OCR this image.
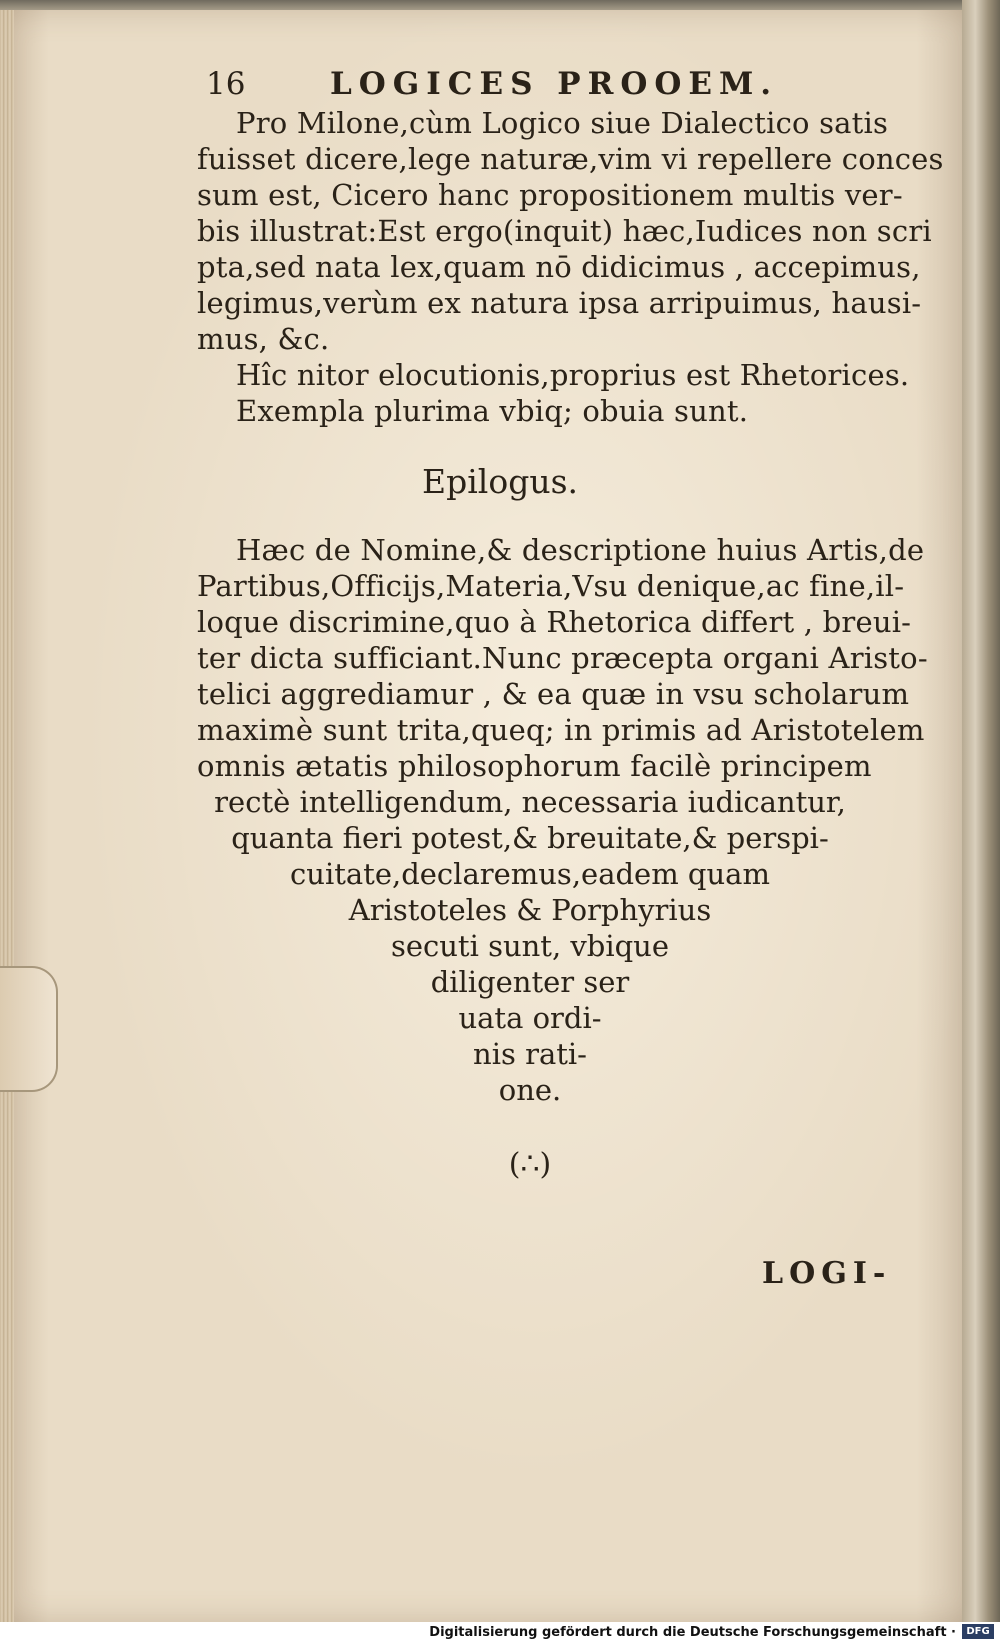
16	LOGICES PROOEM.
Pro Milone,cùm Logico siue Dialectico satis
fuisset dicere,lege naturæ,vim vi repellere conces
sum est, Cicero hanc propositionem multis ver-
bis illustrat:Est ergo(inquit) hæc,Iudices non scri
pta,sed nata lex,quam nō didicimus , accepimus,
legimus,verùm ex natura ipsa arripuimus, hausi-
mus, &c.
Hîc nitor elocutionis,proprius est Rhetorices.
Exempla plurima vbiq; obuia sunt.
Epilogus.
Hæc de Nomine,& descriptione huius Artis,de
Partibus,Officijs,Materia,Vsu denique,ac fine,il-
loque discrimine,quo à Rhetorica differt , breui-
ter dicta sufficiant.Nunc præcepta organi Aristo-
telici aggrediamur , & ea quæ in vsu scholarum
maximè sunt trita,queq; in primis ad Aristotelem
omnis ætatis philosophorum facilè principem
rectè intelligendum, necessaria iudicantur,
quanta fieri potest,& breuitate,& perspi-
cuitate,declaremus,eadem quam
Aristoteles & Porphyrius
secuti sunt, vbique
diligenter ser
uata ordi-
nis rati-
one.
(∴)
LOGI-
Digitalisierung gefördert durch die Deutsche Forschungsgemeinschaft ·	DFG
